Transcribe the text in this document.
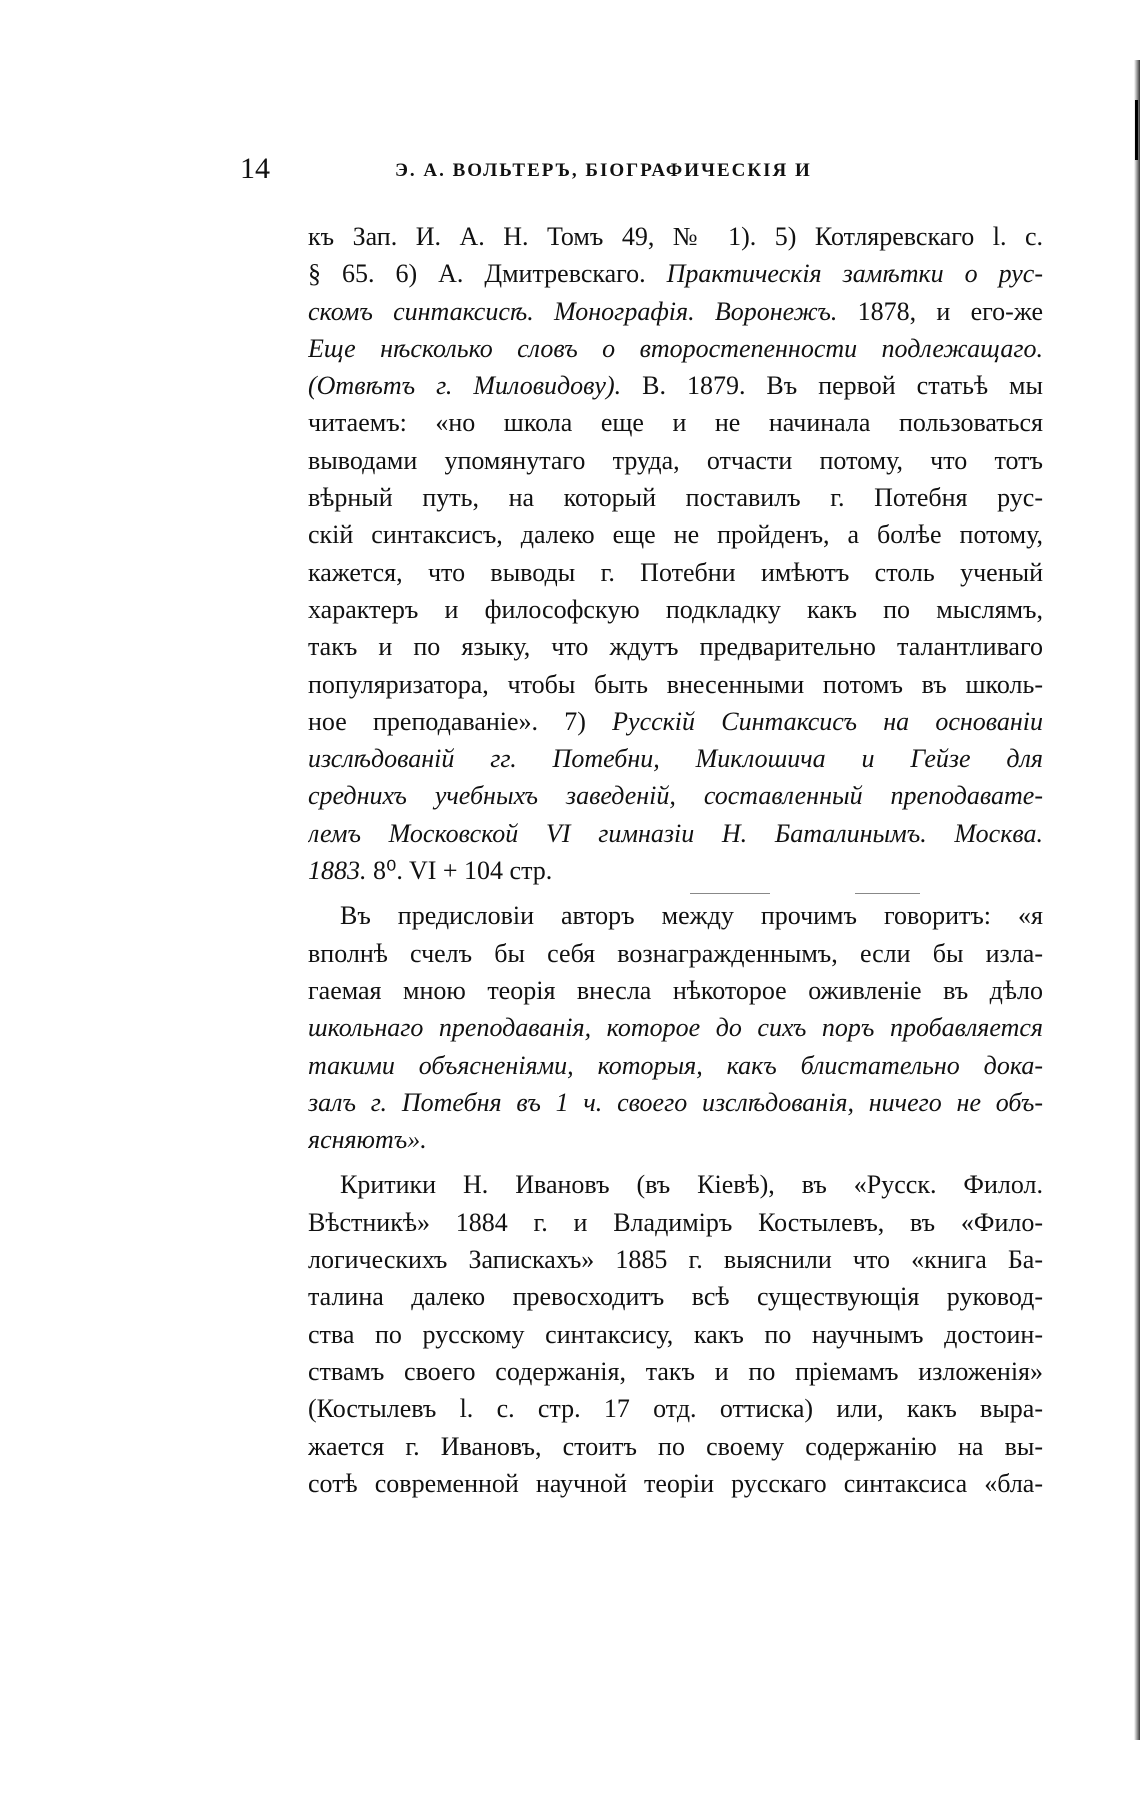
14	Э. А. ВОЛЬТЕРЪ, БІОГРАФИЧЕСКІЯ И
къ Зап. И. А. Н. Томъ 49, № 1). 5) Котляревскаго l. с.
§ 65. 6) А. Дмитревскаго. Практическія замѣтки о рус-
скомъ синтаксисѣ. Монографія. Воронежъ. 1878, и его-же
Еще нѣсколько словъ о второстепенности подлежащаго.
(Отвѣтъ г. Миловидову). В. 1879. Въ первой статьѣ мы
читаемъ: «но школа еще и не начинала пользоваться
выводами упомянутаго труда, отчасти потому, что тотъ
вѣрный путь, на который поставилъ г. Потебня рус-
скій синтаксисъ, далеко еще не пройденъ, а болѣе потому,
кажется, что выводы г. Потебни имѣютъ столь ученый
характеръ и философскую подкладку какъ по мыслямъ,
такъ и по языку, что ждутъ предварительно талантливаго
популяризатора, чтобы быть внесенными потомъ въ школь-
ное преподаваніе». 7) Русскій Синтаксисъ на основаніи
изслѣдованій гг. Потебни, Миклошича и Гейзе для
среднихъ учебныхъ заведеній, составленный преподавате-
лемъ Московской VI гимназіи Н. Баталинымъ. Москва.
1883. 8⁰. VI + 104 стр.
Въ предисловіи авторъ между прочимъ говоритъ: «я
вполнѣ счелъ бы себя вознагражденнымъ, если бы изла-
гаемая мною теорія внесла нѣкоторое оживленіе въ дѣло
школьнаго преподаванія, которое до сихъ поръ пробавляется
такими объясненіями, которыя, какъ блистательно дока-
залъ г. Потебня въ 1 ч. своего изслѣдованія, ничего не объ-
ясняютъ».
Критики Н. Ивановъ (въ Кіевѣ), въ «Русск. Филол.
Вѣстникѣ» 1884 г. и Владиміръ Костылевъ, въ «Фило-
логическихъ Запискахъ» 1885 г. выяснили что «книга Ба-
талина далеко превосходитъ всѣ существующія руковод-
ства по русскому синтаксису, какъ по научнымъ достоин-
ствамъ своего содержанія, такъ и по пріемамъ изложенія»
(Костылевъ l. с. стр. 17 отд. оттиска) или, какъ выра-
жается г. Ивановъ, стоитъ по своему содержанію на вы-
сотѣ современной научной теоріи русскаго синтаксиса «бла-
